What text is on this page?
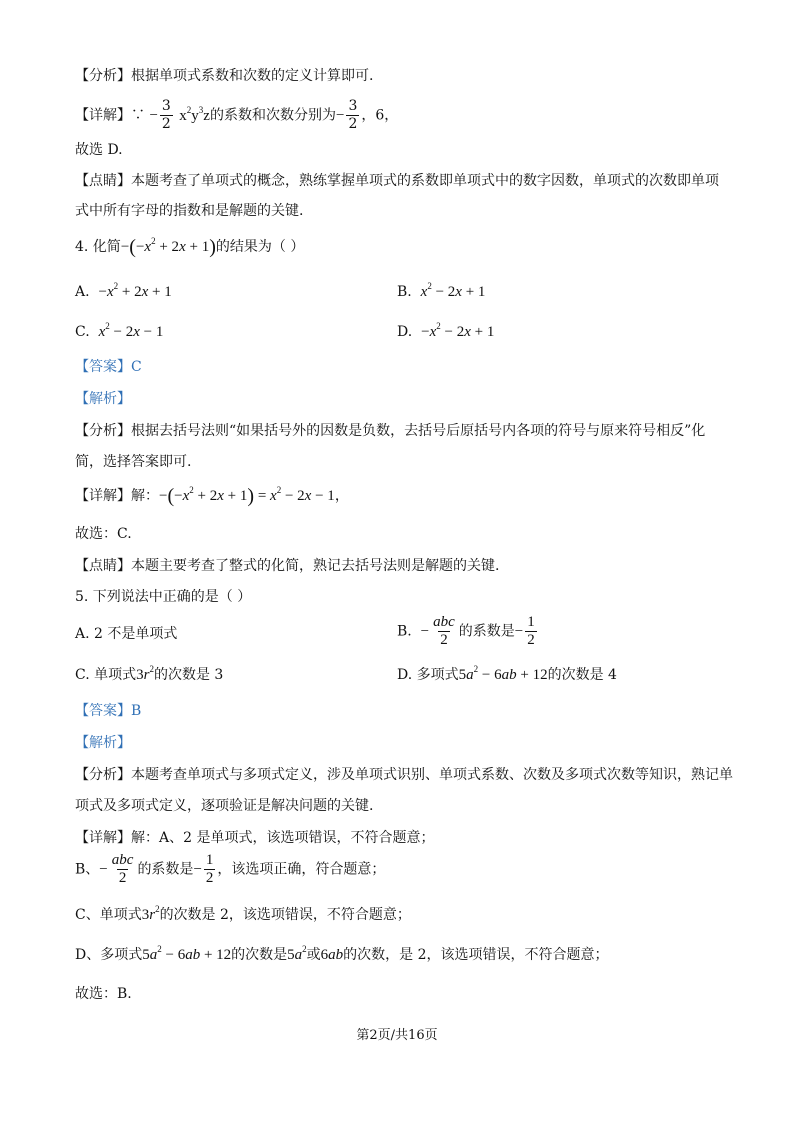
【分析】根据单项式系数和次数的定义计算即可.
【详解】∵ − $\frac{3}{2} x^2y^3z$的系数和次数分别为− $\frac{3}{2}$ ，6，
故选 D.
【点睛】本题考查了单项式的概念，熟练掌握单项式的系数即单项式中的数字因数，单项式的次数即单项
式中所有字母的指数和是解题的关键.
4. 化简$-(-x^2 + 2x + 1)$的结果为（ ）
A. $-x^2 + 2x + 1$	B. $x^2 - 2x + 1$
C. $x^2 - 2x - 1$	D. $-x^2 - 2x + 1$
【答案】C
【解析】
【分析】根据去括号法则“如果括号外的因数是负数，去括号后原括号内各项的符号与原来符号相反”化
简，选择答案即可.
【详解】解：$-(-x^2 + 2x + 1) = x^2 - 2x - 1$，
故选：C.
【点睛】本题主要考查了整式的化简，熟记去括号法则是解题的关键.
5. 下列说法中正确的是（ ）
A. 2 不是单项式	B. − $\frac{\text{abc}}{2}$ 的系数是− $\frac{1}{2}$
C. 单项式$3r^2$的次数是 3	D. 多项式$5a^2 - 6ab + 12$的次数是 4
【答案】B
【解析】
【分析】本题考查单项式与多项式定义，涉及单项式识别、单项式系数、次数及多项式次数等知识，熟记单
项式及多项式定义，逐项验证是解决问题的关键.
【详解】解：A、2 是单项式，该选项错误，不符合题意；
B、− $\frac{\text{abc}}{2}$ 的系数是− $\frac{1}{2}$ ，该选项正确，符合题意；
C、单项式$3r^2$的次数是 2，该选项错误，不符合题意；
D、多项式$5a^2 - 6ab + 12$的次数是$5a^2$或6ab的次数，是 2，该选项错误，不符合题意；
故选：B.
第2页/共16页
